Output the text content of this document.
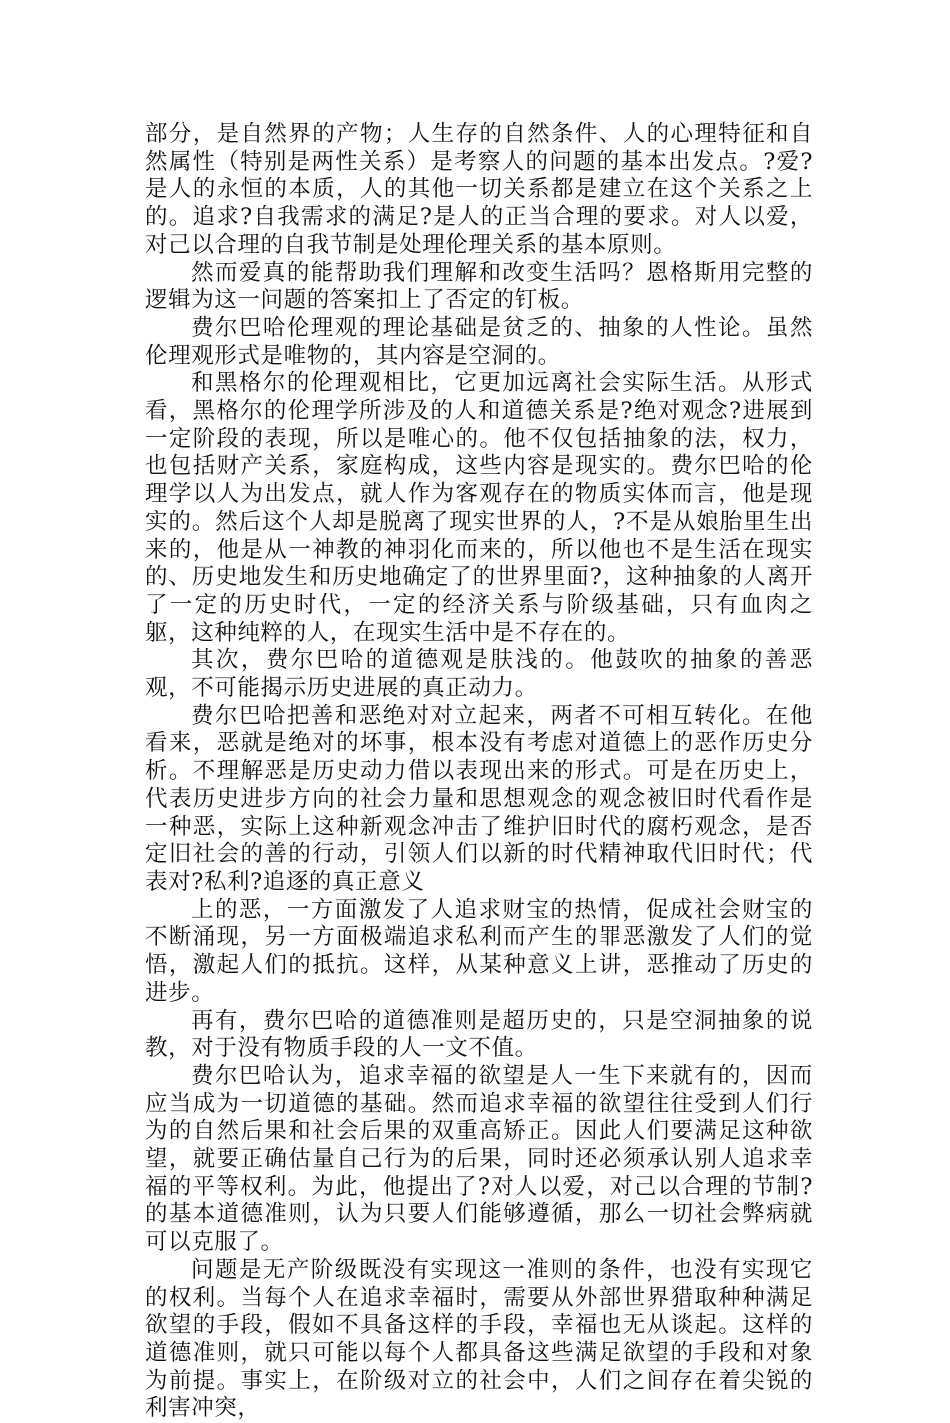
部分，是自然界的产物；人生存的自然条件、人的心理特征和自然属性（特别是两性关系）是考察人的问题的基本出发点。?爱?是人的永恒的本质，人的其他一切关系都是建立在这个关系之上的。追求?自我需求的满足?是人的正当合理的要求。对人以爱，对己以合理的自我节制是处理伦理关系的基本原则。

然而爱真的能帮助我们理解和改变生活吗？恩格斯用完整的逻辑为这一问题的答案扣上了否定的钉板。

费尔巴哈伦理观的理论基础是贫乏的、抽象的人性论。虽然伦理观形式是唯物的，其内容是空洞的。

和黑格尔的伦理观相比，它更加远离社会实际生活。从形式看，黑格尔的伦理学所涉及的人和道德关系是?绝对观念?进展到一定阶段的表现，所以是唯心的。他不仅包括抽象的法，权力，也包括财产关系，家庭构成，这些内容是现实的。费尔巴哈的伦理学以人为出发点，就人作为客观存在的物质实体而言，他是现实的。然后这个人却是脱离了现实世界的人，?不是从娘胎里生出来的，他是从一神教的神羽化而来的，所以他也不是生活在现实的、历史地发生和历史地确定了的世界里面?，这种抽象的人离开了一定的历史时代，一定的经济关系与阶级基础，只有血肉之躯，这种纯粹的人，在现实生活中是不存在的。

其次，费尔巴哈的道德观是肤浅的。他鼓吹的抽象的善恶观，不可能揭示历史进展的真正动力。

费尔巴哈把善和恶绝对对立起来，两者不可相互转化。在他看来，恶就是绝对的坏事，根本没有考虑对道德上的恶作历史分析。不理解恶是历史动力借以表现出来的形式。可是在历史上，代表历史进步方向的社会力量和思想观念的观念被旧时代看作是一种恶，实际上这种新观念冲击了维护旧时代的腐朽观念，是否定旧社会的善的行动，引领人们以新的时代精神取代旧时代；代表对?私利?追逐的真正意义

上的恶，一方面激发了人追求财宝的热情，促成社会财宝的不断涌现，另一方面极端追求私利而产生的罪恶激发了人们的觉悟，激起人们的抵抗。这样，从某种意义上讲，恶推动了历史的进步。

再有，费尔巴哈的道德准则是超历史的，只是空洞抽象的说教，对于没有物质手段的人一文不值。

费尔巴哈认为，追求幸福的欲望是人一生下来就有的，因而应当成为一切道德的基础。然而追求幸福的欲望往往受到人们行为的自然后果和社会后果的双重高矫正。因此人们要满足这种欲望，就要正确估量自己行为的后果，同时还必须承认别人追求幸福的平等权利。为此，他提出了?对人以爱，对己以合理的节制?的基本道德准则，认为只要人们能够遵循，那么一切社会弊病就可以克服了。

问题是无产阶级既没有实现这一准则的条件，也没有实现它的权利。当每个人在追求幸福时，需要从外部世界猎取种种满足欲望的手段，假如不具备这样的手段，幸福也无从谈起。这样的道德准则，就只可能以每个人都具备这些满足欲望的手段和对象为前提。事实上，在阶级对立的社会中，人们之间存在着尖锐的利害冲突，
